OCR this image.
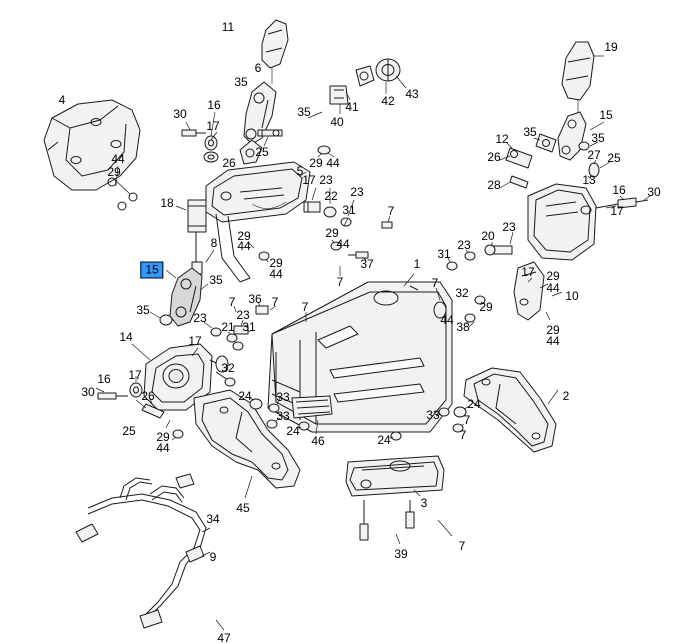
11
19
6
35
43
42
41
4	16	35
30
40	15
17
12 35	35
27 25
26
44	26
25
29 44
29	5
13
28
17 23
18	22 23	16 30
31	7	17
29
44
20
23
23
31
8 29
44
29
44
37
7
17 29
44
10
15
35
1
7
32
29
44 38
36 7
7
35
23 23
21 31
7
29
44
14	17
32
16 17
30	26	24 33
33	33
24
7
2
25 29
44
24
46	24	7
45
34
3
39
7
9
47
